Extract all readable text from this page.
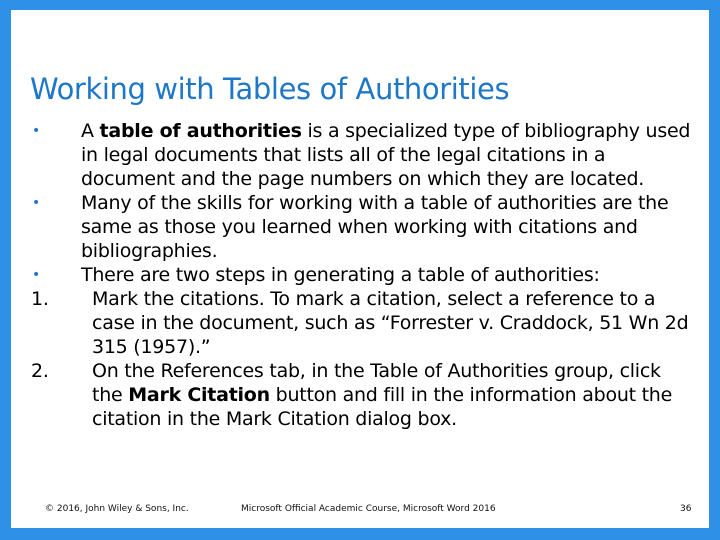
Working with Tables of Authorities

• A table of authorities is a specialized type of bibliography used in legal documents that lists all of the legal citations in a document and the page numbers on which they are located.

• Many of the skills for working with a table of authorities are the same as those you learned when working with citations and bibliographies.

• There are two steps in generating a table of authorities:

1. Mark the citations. To mark a citation, select a reference to a case in the document, such as “Forrester v. Craddock, 51 Wn 2d 315 (1957).”

2. On the References tab, in the Table of Authorities group, click the Mark Citation button and fill in the information about the citation in the Mark Citation dialog box.

© 2016, John Wiley & Sons, Inc.	Microsoft Official Academic Course, Microsoft Word 2016	36
